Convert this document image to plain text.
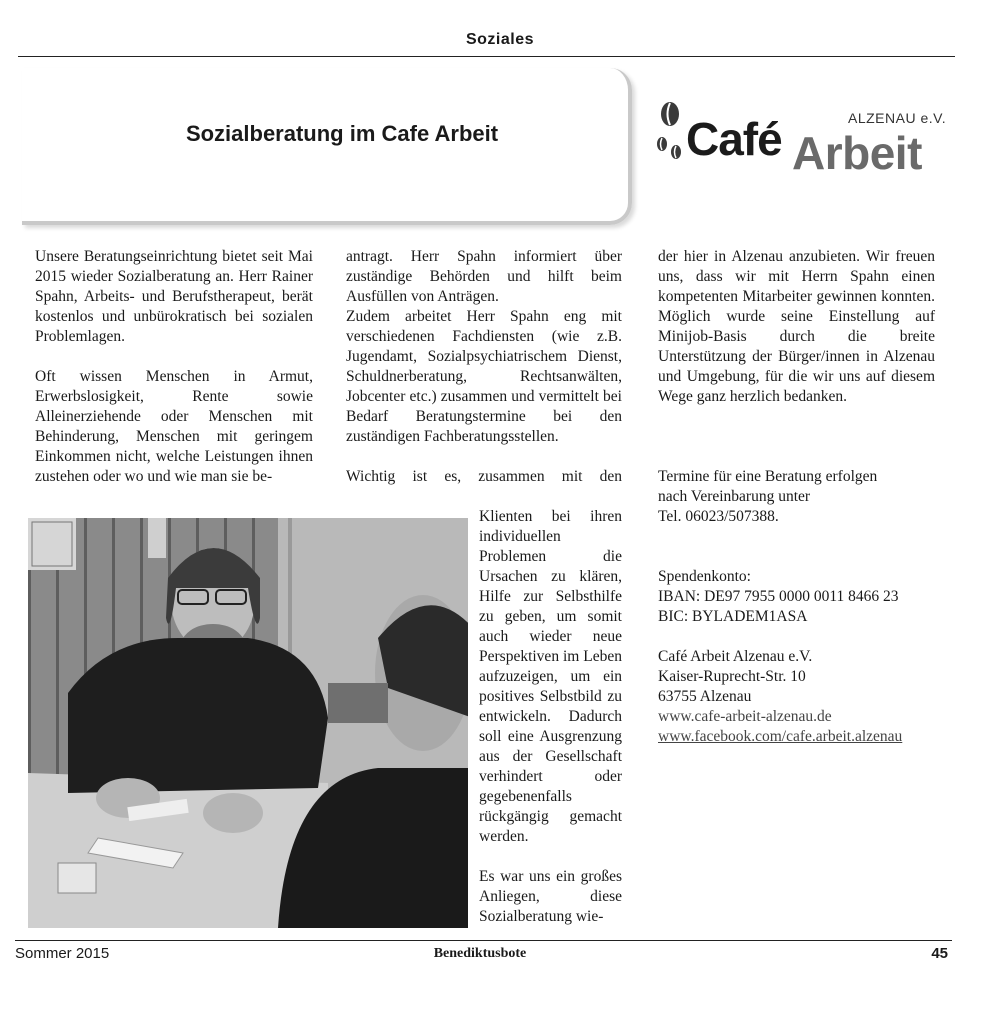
Soziales
Sozialberatung im Cafe Arbeit
ALZENAU e.V.
Café Arbeit

Unsere Beratungseinrichtung bietet seit Mai 2015 wieder Sozialberatung an. Herr Rainer Spahn, Arbeits- und Berufstherapeut, berät kostenlos und unbürokratisch bei sozialen Problemlagen.

Oft wissen Menschen in Armut, Erwerbslosigkeit, Rente sowie Alleinerziehende oder Menschen mit Behinderung, Menschen mit geringem Einkommen nicht, welche Leistungen ihnen zustehen oder wo und wie man sie be-

antragt. Herr Spahn informiert über zuständige Behörden und hilft beim Ausfüllen von Anträgen.

Zudem arbeitet Herr Spahn eng mit verschiedenen Fachdiensten (wie z.B. Jugendamt, Sozialpsychiatrischem Dienst, Schuldnerberatung, Rechtsanwälten, Jobcenter etc.) zusammen und vermittelt bei Bedarf Beratungstermine bei den zuständigen Fachberatungsstellen.

Wichtig ist es, zusammen mit den

Klienten bei ihren individuellen Problemen die Ursachen zu klären, Hilfe zur Selbsthilfe zu geben, um somit auch wieder neue Perspektiven im Leben aufzuzeigen, um ein positives Selbstbild zu entwickeln. Dadurch soll eine Ausgrenzung aus der Gesellschaft verhindert oder gegebenenfalls rückgängig gemacht werden.

Es war uns ein großes Anliegen, diese Sozialberatung wie-

der hier in Alzenau anzubieten. Wir freuen uns, dass wir mit Herrn Spahn einen kompetenten Mitarbeiter gewinnen konnten. Möglich wurde seine Einstellung auf Minijob-Basis durch die breite Unterstützung der Bürger/innen in Alzenau und Umgebung, für die wir uns auf diesem Wege ganz herzlich bedanken.

Termine für eine Beratung erfolgen
nach Vereinbarung unter
Tel. 06023/507388.
Spendenkonto:
IBAN: DE97 7955 0000 0011 8466 23
BIC: BYLADEM1ASA
Café Arbeit Alzenau e.V.
Kaiser-Ruprecht-Str. 10
63755 Alzenau
www.cafe-arbeit-alzenau.de
www.facebook.com/cafe.arbeit.alzenau
Sommer 2015	Benediktusbote	45
